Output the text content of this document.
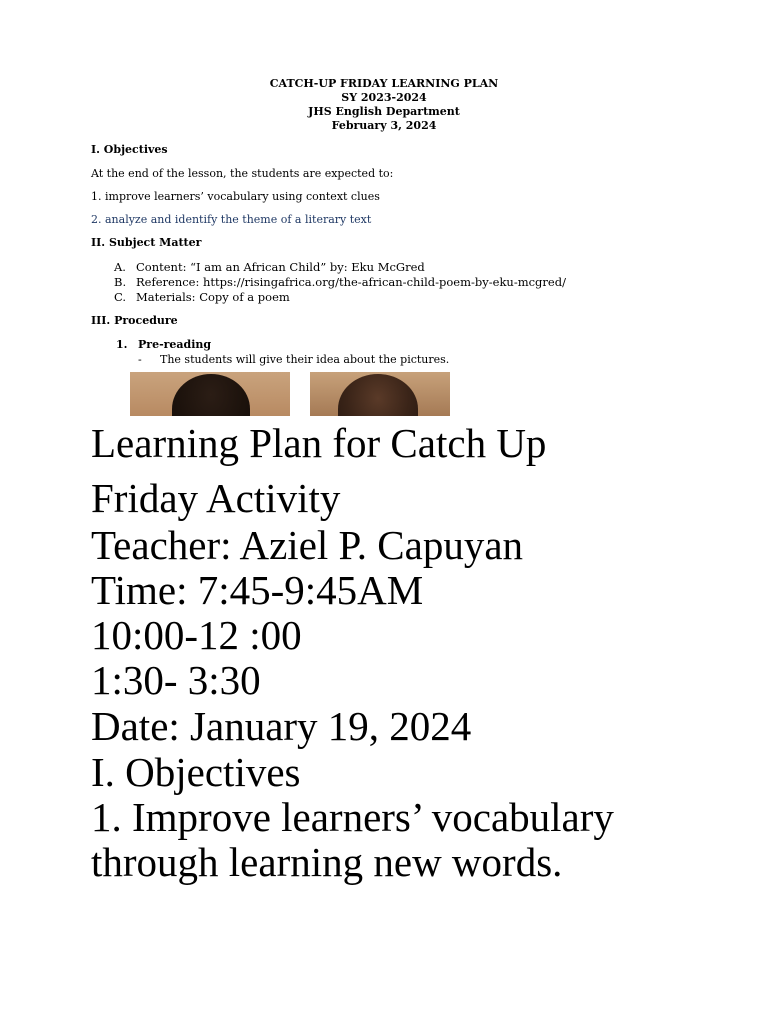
CATCH-UP FRIDAY LEARNING PLAN
SY 2023-2024
JHS English Department
February 3, 2024
I. Objectives
At the end of the lesson, the students are expected to:
1. improve learners’ vocabulary using context clues
2. analyze and identify the theme of a literary text
II. Subject Matter
A. Content: “I am an African Child” by: Eku McGred
B. Reference: https://risingafrica.org/the-african-child-poem-by-eku-mcgred/
C. Materials: Copy of a poem
III. Procedure
1. Pre-reading
- The students will give their idea about the pictures.
Learning Plan for Catch Up
Friday Activity
Teacher: Aziel P. Capuyan
Time: 7:45-9:45AM
10:00-12 :00
1:30- 3:30
Date: January 19, 2024
I. Objectives
1. Improve learners’ vocabulary
through learning new words.
